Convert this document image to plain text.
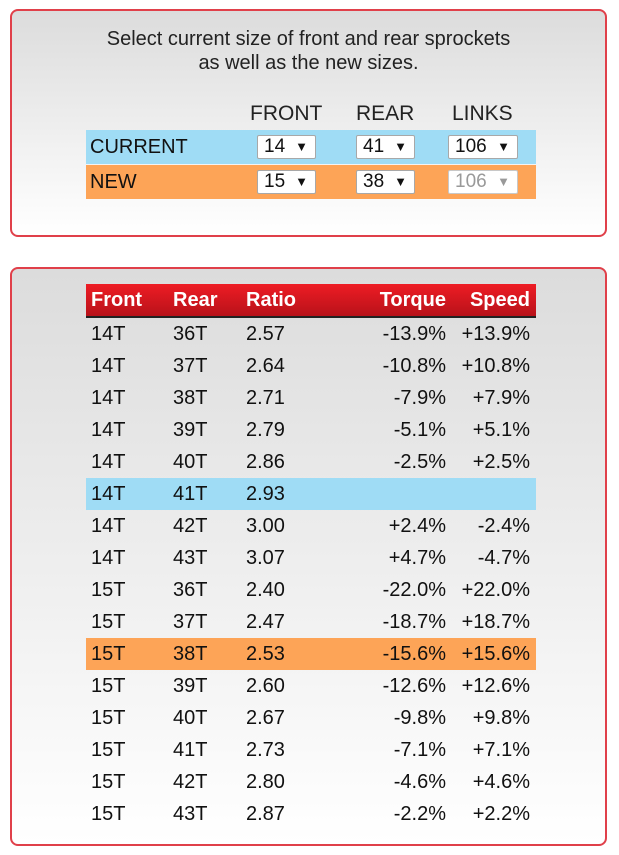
Select current size of front and rear sprockets
as well as the new sizes.
FRONT REAR LINKS
CURRENT	14 ▼	41 ▼	106 ▼
NEW	15 ▼	38 ▼	106 ▼
Front	Rear	Ratio	Torque	Speed
14T	36T	2.57	-13.9%	+13.9%
14T	37T	2.64	-10.8%	+10.8%
14T	38T	2.71	-7.9%	+7.9%
14T	39T	2.79	-5.1%	+5.1%
14T	40T	2.86	-2.5%	+2.5%
14T	41T	2.93		
14T	42T	3.00	+2.4%	-2.4%
14T	43T	3.07	+4.7%	-4.7%
15T	36T	2.40	-22.0%	+22.0%
15T	37T	2.47	-18.7%	+18.7%
15T	38T	2.53	-15.6%	+15.6%
15T	39T	2.60	-12.6%	+12.6%
15T	40T	2.67	-9.8%	+9.8%
15T	41T	2.73	-7.1%	+7.1%
15T	42T	2.80	-4.6%	+4.6%
15T	43T	2.87	-2.2%	+2.2%
